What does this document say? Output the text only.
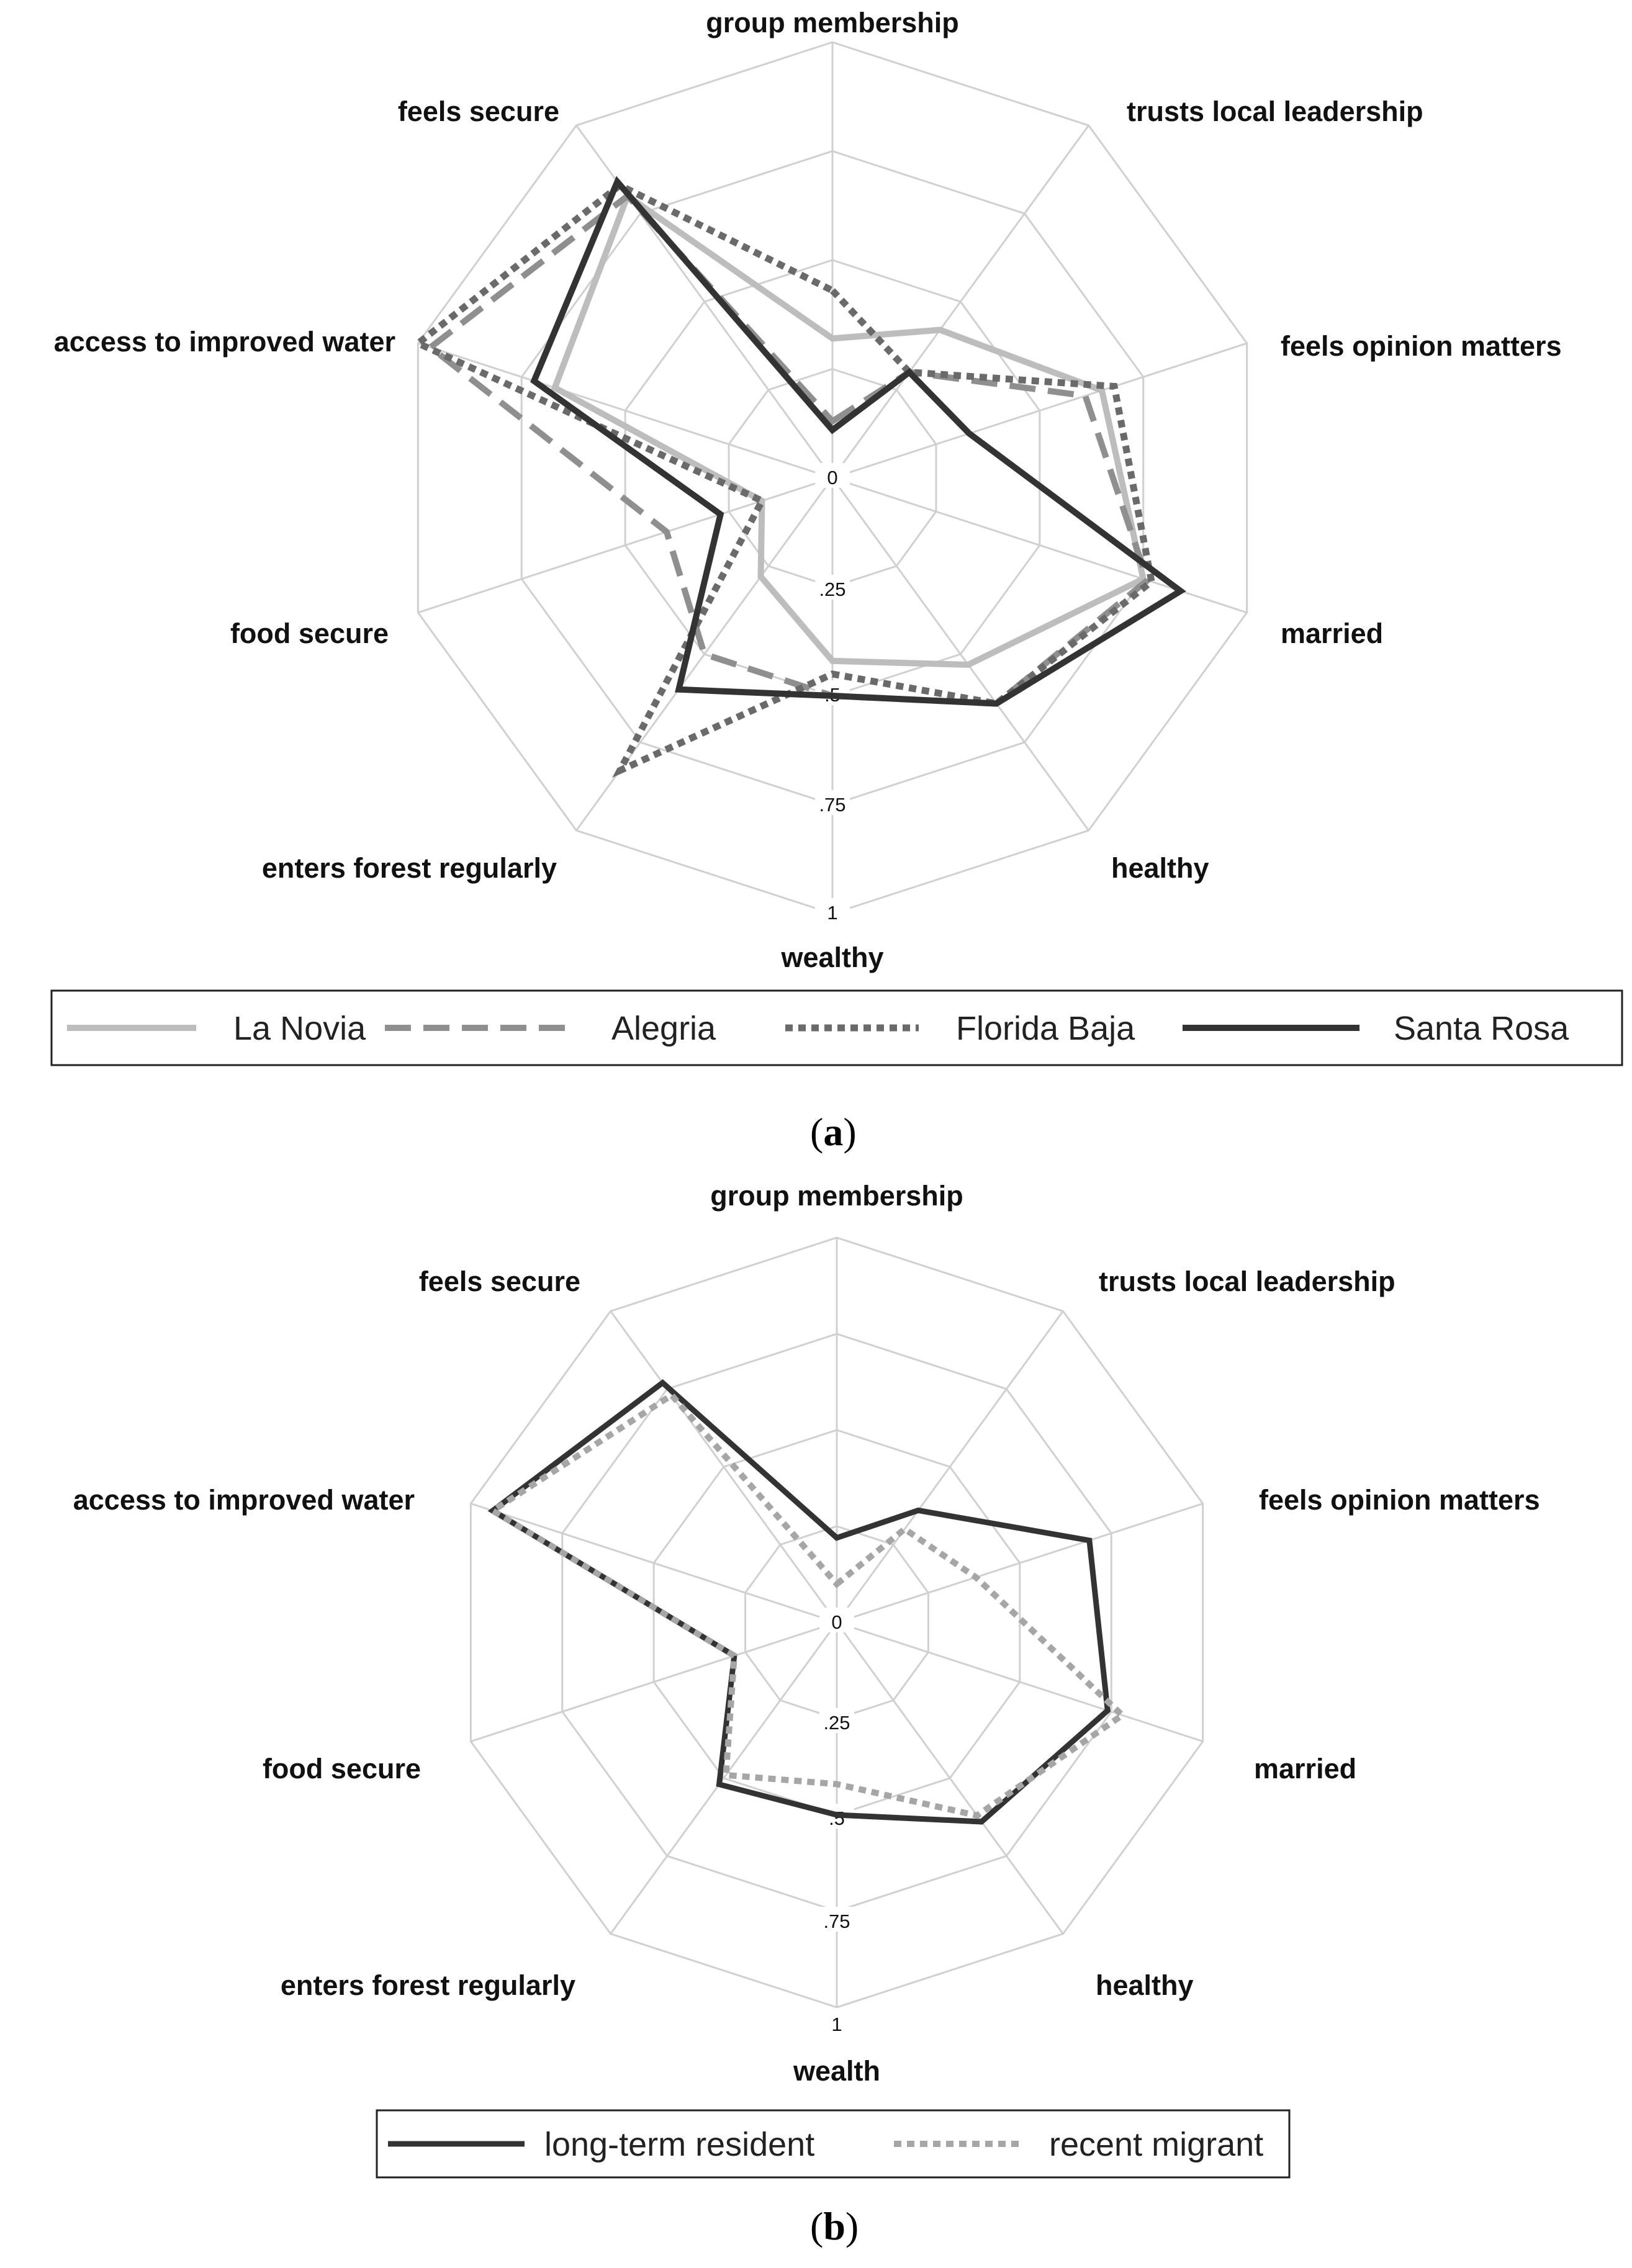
0
.25
.5
.75
1
group membership
trusts local leadership
feels opinion matters
married
healthy
wealthy
enters forest regularly
food secure
access to improved water
feels secure
La Novia	Alegria	Florida Baja	Santa Rosa
(a)
0
.25
.5
.75
1
group membership
trusts local leadership
feels opinion matters
married
healthy
wealth
enters forest regularly
food secure
access to improved water
feels secure
long-term resident	recent migrant
(b)
